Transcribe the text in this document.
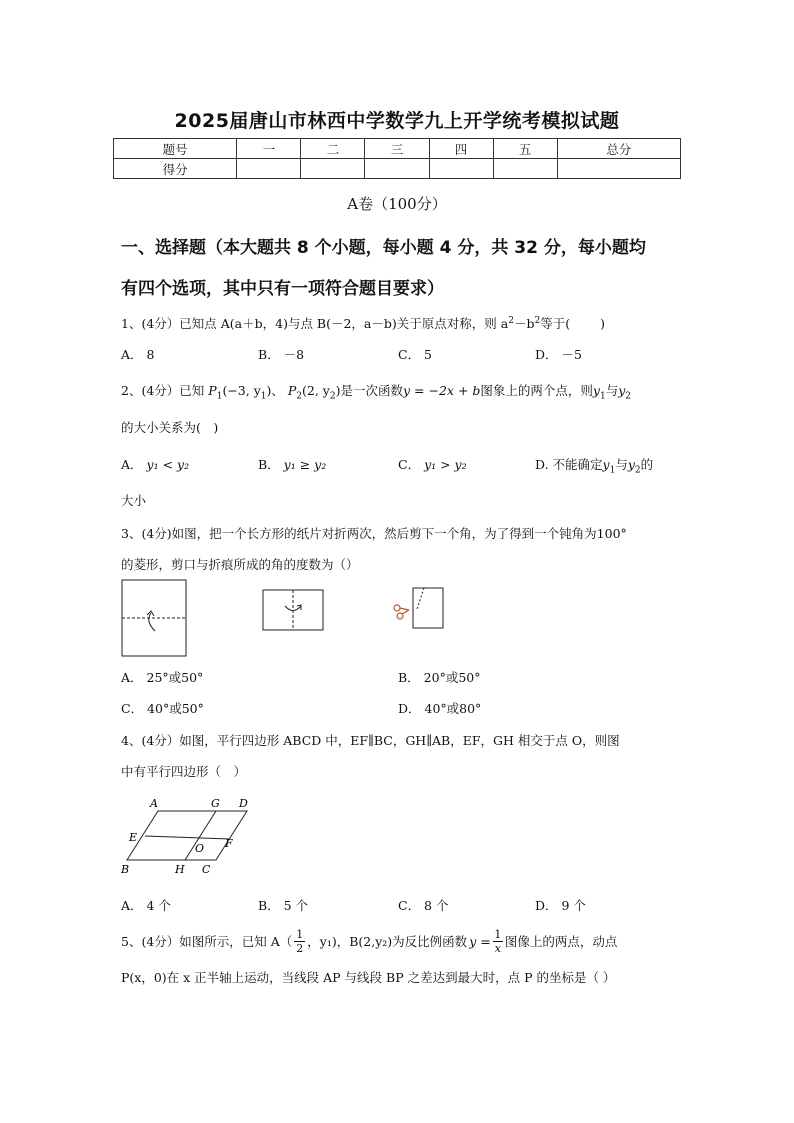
2025届唐山市林西中学数学九上开学统考模拟试题
题号	一	二	三	四	五	总分
得分						
A卷（100分）
一、选择题（本大题共 8 个小题，每小题 4 分，共 32 分，每小题均
有四个选项，其中只有一项符合题目要求）
1、(4分）已知点 A(a＋b，4)与点 B(－2，a－b)关于原点对称，则 $a^2-b^2$等于( )
A． 8	B． －8	C． 5	D． －5
2、(4分）已知 $P_1(-3$, $y_1$)、 $P_2(2$, $y_2$)是一次函数y = −2x + b图象上的两个点，则$y_1$与$y_2$
的大小关系为(　)
A． y₁ < y₂	B． y₁ ≥ y₂	C． y₁ > y₂	D. 不能确定$y_1$与$y_2$的
大小
3、(4分)如图，把一个长方形的纸片对折两次，然后剪下一个角，为了得到一个钝角为100°
的菱形，剪口与折痕所成的角的度数为（）
A． 25°或50°	B． 20°或50°
C． 40°或50°	D． 40°或80°
4、(4分）如图，平行四边形 ABCD 中，EF∥BC，GH∥AB，EF，GH 相交于点 O，则图
中有平行四边形（　）
A	G D
E
O F
B	H C
A． 4 个	B． 5 个	C． 8 个	D． 9 个
5、(4分）如图所示，已知 A（ 1
2 ，y₁)，B(2,y₂)为反比例函数 $y = \frac{1}{x}$ 图像上的两点，动点
P(x，0)在 x 正半轴上运动，当线段 AP 与线段 BP 之差达到最大时，点 P 的坐标是（ ）
